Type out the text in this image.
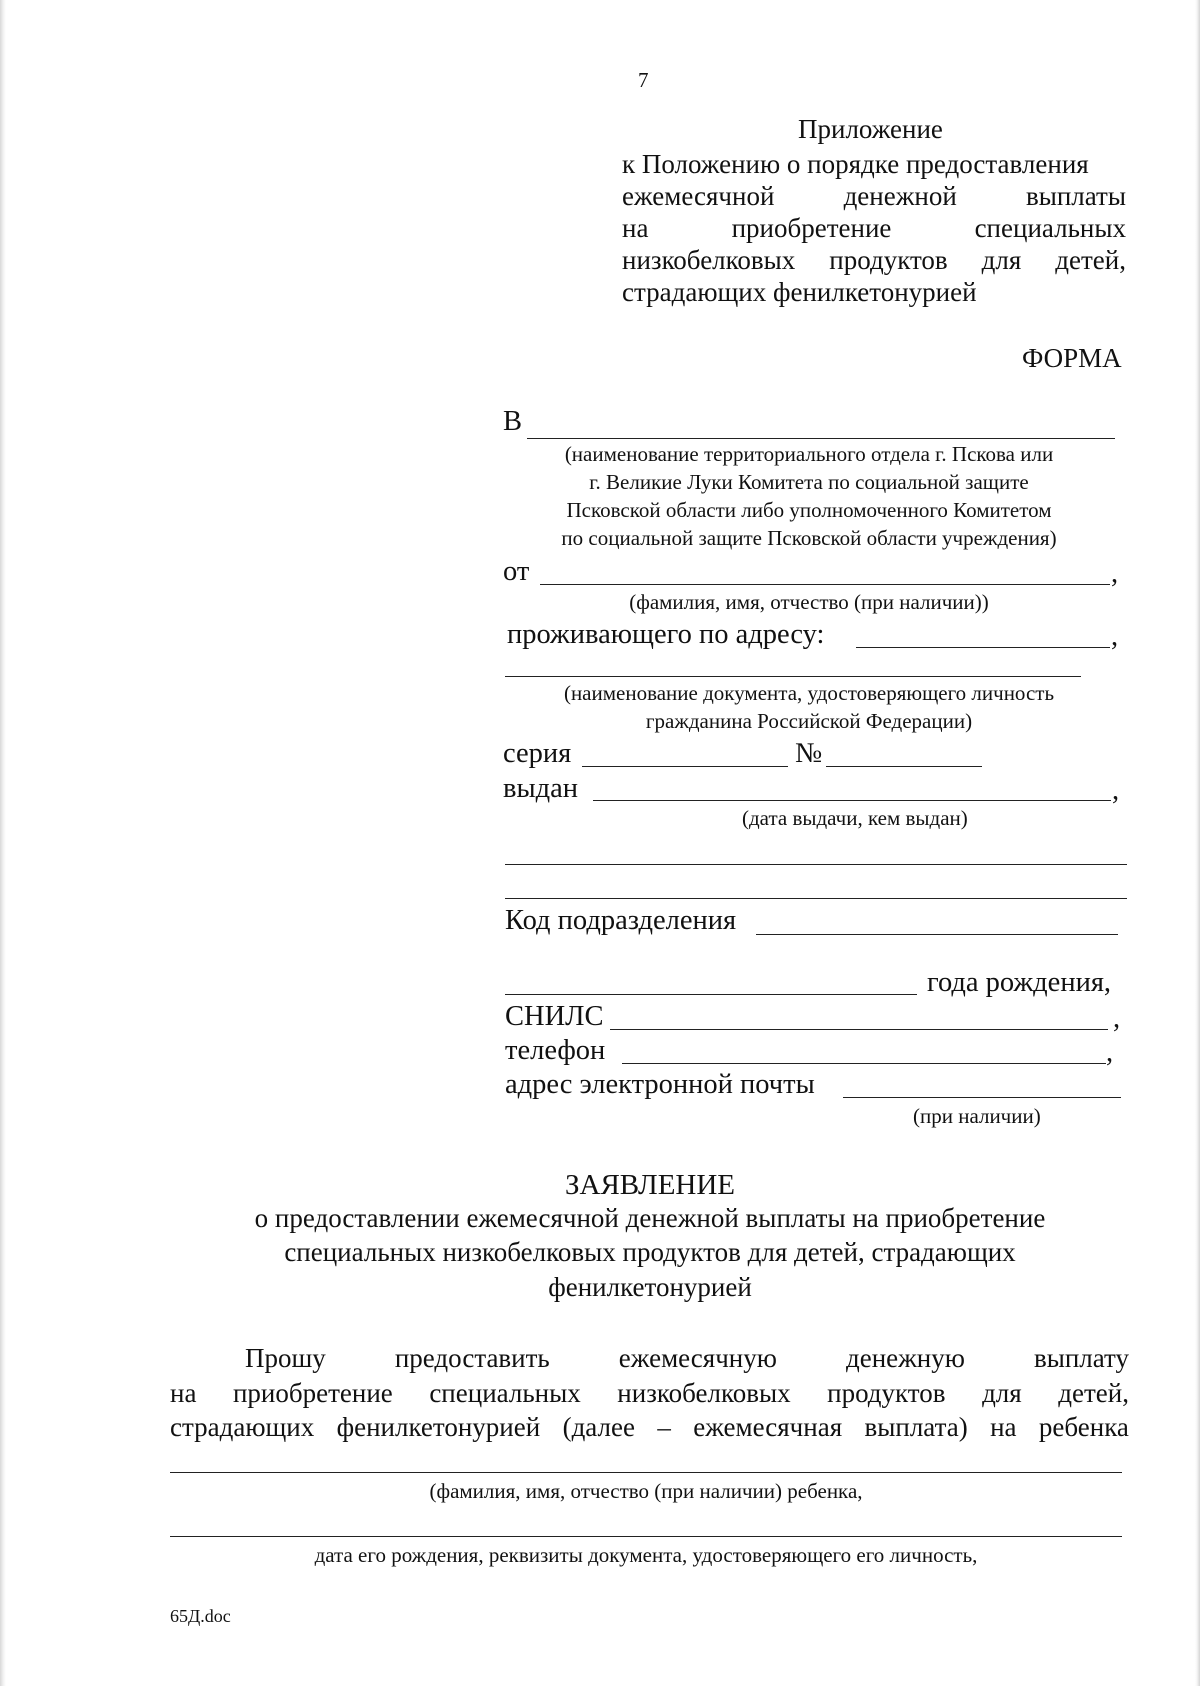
7
Приложение
к Положению о порядке предоставления
ежемесячной	денежной	выплаты
на	приобретение	специальных
низкобелковых продуктов для детей,
страдающих фенилкетонурией
ФОРМА
В
(наименование территориального отдела г. Пскова или
г. Великие Луки Комитета по социальной защите
Псковской области либо уполномоченного Комитетом
по социальной защите Псковской области учреждения)
от	,
(фамилия, имя, отчество (при наличии))
проживающего по адресу:	,
(наименование документа, удостоверяющего личность
гражданина Российской Федерации)
серия	№
выдан	,
(дата выдачи, кем выдан)
Код подразделения
года рождения,
СНИЛС	,
телефон	,
адрес электронной почты
(при наличии)
ЗАЯВЛЕНИЕ
о предоставлении ежемесячной денежной выплаты на приобретение
специальных низкобелковых продуктов для детей, страдающих
фенилкетонурией
Прошу	предоставить	ежемесячную	денежную	выплату
на приобретение специальных низкобелковых продуктов для детей,
страдающих фенилкетонурией (далее – ежемесячная выплата) на ребенка
(фамилия, имя, отчество (при наличии) ребенка,
дата его рождения, реквизиты документа, удостоверяющего его личность,
65Д.doc
